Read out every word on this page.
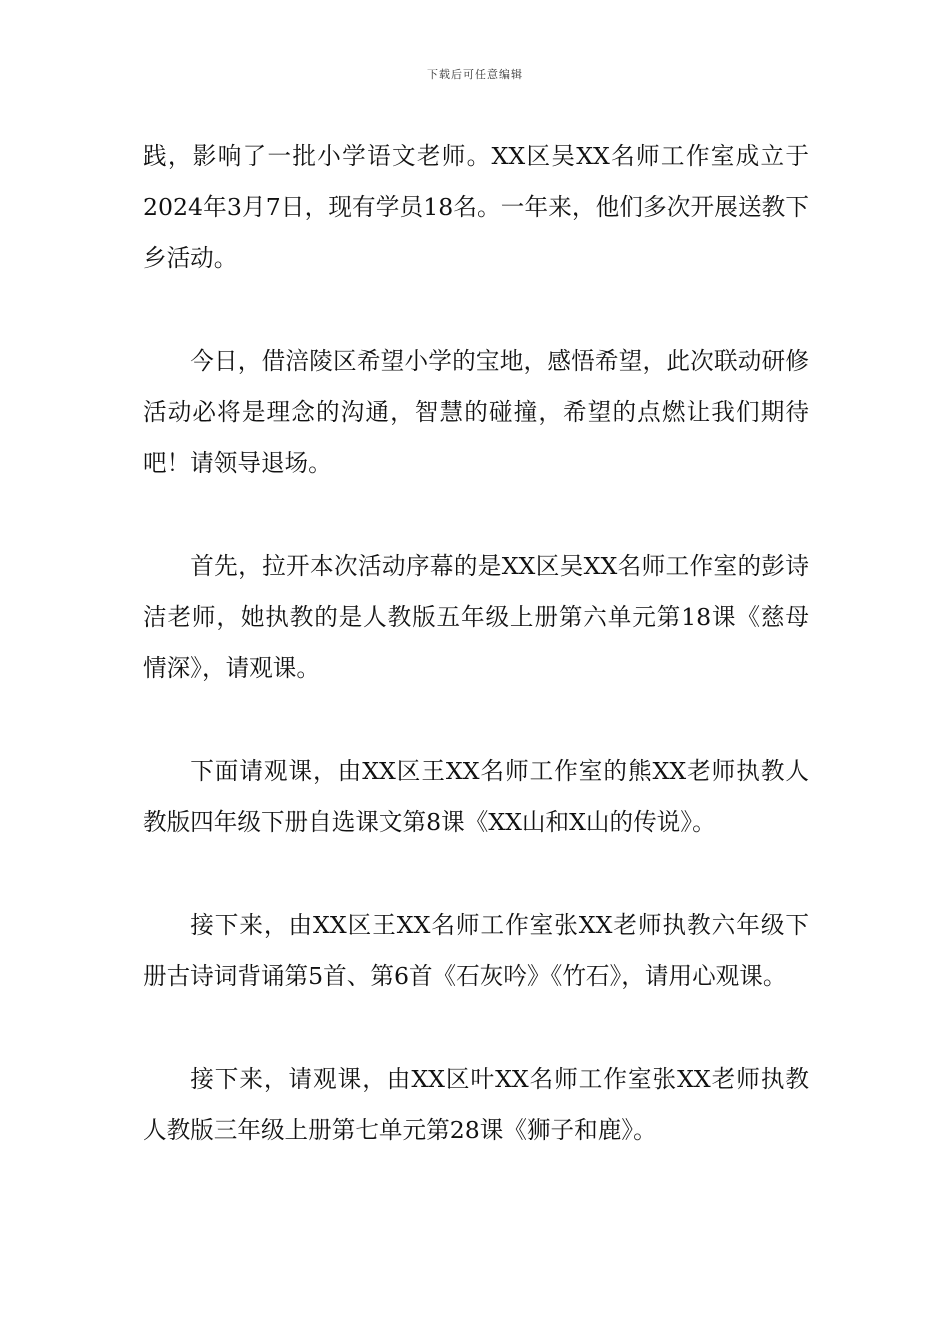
下载后可任意编辑

践，影响了一批小学语文老师。XX区吴XX名师工作室成立于2024年3月7日，现有学员18名。一年来，他们多次开展送教下乡活动。

今日，借涪陵区希望小学的宝地，感悟希望，此次联动研修活动必将是理念的沟通，智慧的碰撞，希望的点燃让我们期待吧！请领导退场。

首先，拉开本次活动序幕的是XX区吴XX名师工作室的彭诗洁老师，她执教的是人教版五年级上册第六单元第18课《慈母情深》，请观课。

下面请观课，由XX区王XX名师工作室的熊XX老师执教人教版四年级下册自选课文第8课《XX山和X山的传说》。

接下来，由XX区王XX名师工作室张XX老师执教六年级下册古诗词背诵第5首、第6首《石灰吟》《竹石》，请用心观课。

接下来，请观课，由XX区叶XX名师工作室张XX老师执教人教版三年级上册第七单元第28课《狮子和鹿》。
